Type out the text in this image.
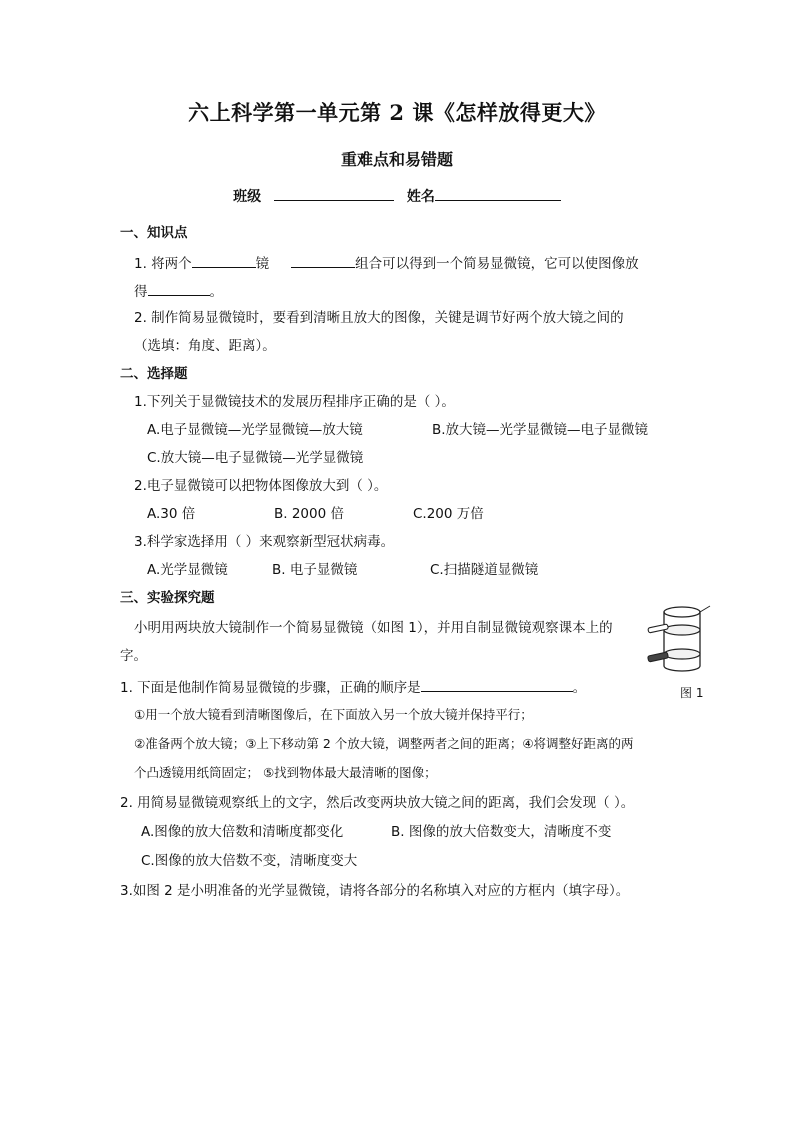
六上科学第一单元第 2 课《怎样放得更大》
重难点和易错题
班级	姓名
一、知识点
1. 将两个	镜	组合可以得到一个简易显微镜，它可以使图像放
得	。
2. 制作简易显微镜时，要看到清晰且放大的图像，关键是调节好两个放大镜之间的
（选填：角度、距离）。
二、选择题
1.下列关于显微镜技术的发展历程排序正确的是（ ）。
A.电子显微镜—光学显微镜—放大镜	B.放大镜—光学显微镜—电子显微镜
C.放大镜—电子显微镜—光学显微镜
2.电子显微镜可以把物体图像放大到（ ）。
A.30 倍	B. 2000 倍	C.200 万倍
3.科学家选择用（ ）来观察新型冠状病毒。
A.光学显微镜	B. 电子显微镜	C.扫描隧道显微镜
三、实验探究题
小明用两块放大镜制作一个简易显微镜（如图 1），并用自制显微镜观察课本上的
字。
图 1
1. 下面是他制作简易显微镜的步骤，正确的顺序是	。
①用一个放大镜看到清晰图像后，在下面放入另一个放大镜并保持平行；
②准备两个放大镜；③上下移动第 2 个放大镜，调整两者之间的距离；④将调整好距离的两
个凸透镜用纸筒固定； ⑤找到物体最大最清晰的图像；
2. 用简易显微镜观察纸上的文字，然后改变两块放大镜之间的距离，我们会发现（ ）。
A.图像的放大倍数和清晰度都变化	B. 图像的放大倍数变大，清晰度不变
C.图像的放大倍数不变，清晰度变大
3.如图 2 是小明准备的光学显微镜，请将各部分的名称填入对应的方框内（填字母）。
